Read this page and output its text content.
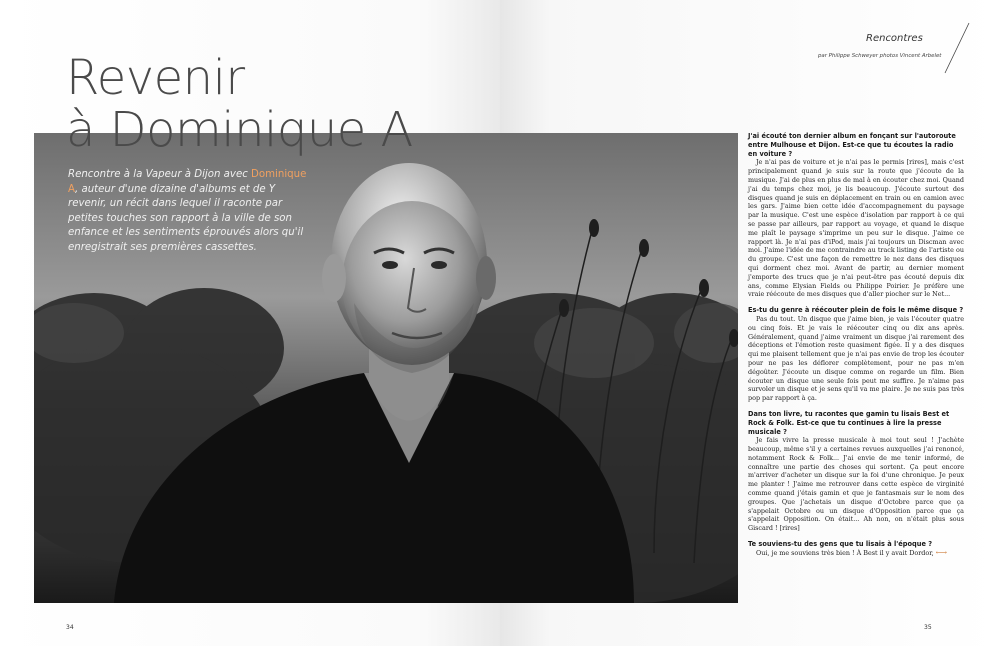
Revenir
à Dominique A
Rencontre à la Vapeur à Dijon avec Dominique A, auteur d'une dizaine d'albums et de Y revenir, un récit dans lequel il raconte par petites touches son rapport à la ville de son enfance et les sentiments éprouvés alors qu'il enregistrait ses premières cassettes.
Rencontres
par Philippe Schweyer photos Vincent Arbelet
J'ai écouté ton dernier album en fonçant sur l'autoroute entre Mulhouse et Dijon. Est-ce que tu écoutes la radio en voiture ?
Je n'ai pas de voiture et je n'ai pas le permis [rires], mais c'est principalement quand je suis sur la route que j'écoute de la musique. J'ai de plus en plus de mal à en écouter chez moi. Quand j'ai du temps chez moi, je lis beaucoup. J'écoute surtout des disques quand je suis en déplacement en train ou en camion avec les gars. J'aime bien cette idée d'accompagnement du paysage par la musique. C'est une espèce d'isolation par rapport à ce qui se passe par ailleurs, par rapport au voyage, et quand le disque me plaît le paysage s'imprime un peu sur le disque. J'aime ce rapport là. Je n'ai pas d'iPod, mais j'ai toujours un Discman avec moi. J'aime l'idée de me contraindre au track listing de l'artiste ou du groupe. C'est une façon de remettre le nez dans des disques qui dorment chez moi. Avant de partir, au dernier moment j'emporte des trucs que je n'ai peut-être pas écouté depuis dix ans, comme Elysian Fields ou Philippe Poirier. Je préfère une vraie réécoute de mes disques que d'aller piocher sur le Net...
Es-tu du genre à réécouter plein de fois le même disque ?
Pas du tout. Un disque que j'aime bien, je vais l'écouter quatre ou cinq fois. Et je vais le réécouter cinq ou dix ans après. Généralement, quand j'aime vraiment un disque j'ai rarement des déceptions et l'émotion reste quasiment figée. Il y a des disques qui me plaisent tellement que je n'ai pas envie de trop les écouter pour ne pas les déflorer complètement, pour ne pas m'en dégoûter. J'écoute un disque comme on regarde un film. Bien écouter un disque une seule fois peut me suffire. Je n'aime pas survoler un disque et je sens qu'il va me plaire. Je ne suis pas très pop par rapport à ça.
Dans ton livre, tu racontes que gamin tu lisais Best et Rock & Folk. Est-ce que tu continues à lire la presse musicale ?
Je fais vivre la presse musicale à moi tout seul ! J'achète beaucoup, même s'il y a certaines revues auxquelles j'ai renoncé, notamment Rock & Folk... J'ai envie de me tenir informé, de connaître une partie des choses qui sortent. Ça peut encore m'arriver d'acheter un disque sur la foi d'une chronique. Je peux me planter ! J'aime me retrouver dans cette espèce de virginité comme quand j'étais gamin et que je fantasmais sur le nom des groupes. Que j'achetais un disque d'Octobre parce que ça s'appelait Octobre ou un disque d'Opposition parce que ça s'appelait Opposition. On était... Ah non, on n'était plus sous Giscard ! [rires]
Te souviens-tu des gens que tu lisais à l'époque ?
Oui, je me souviens très bien ! À Best il y avait Dordor, ⟷
34	35
